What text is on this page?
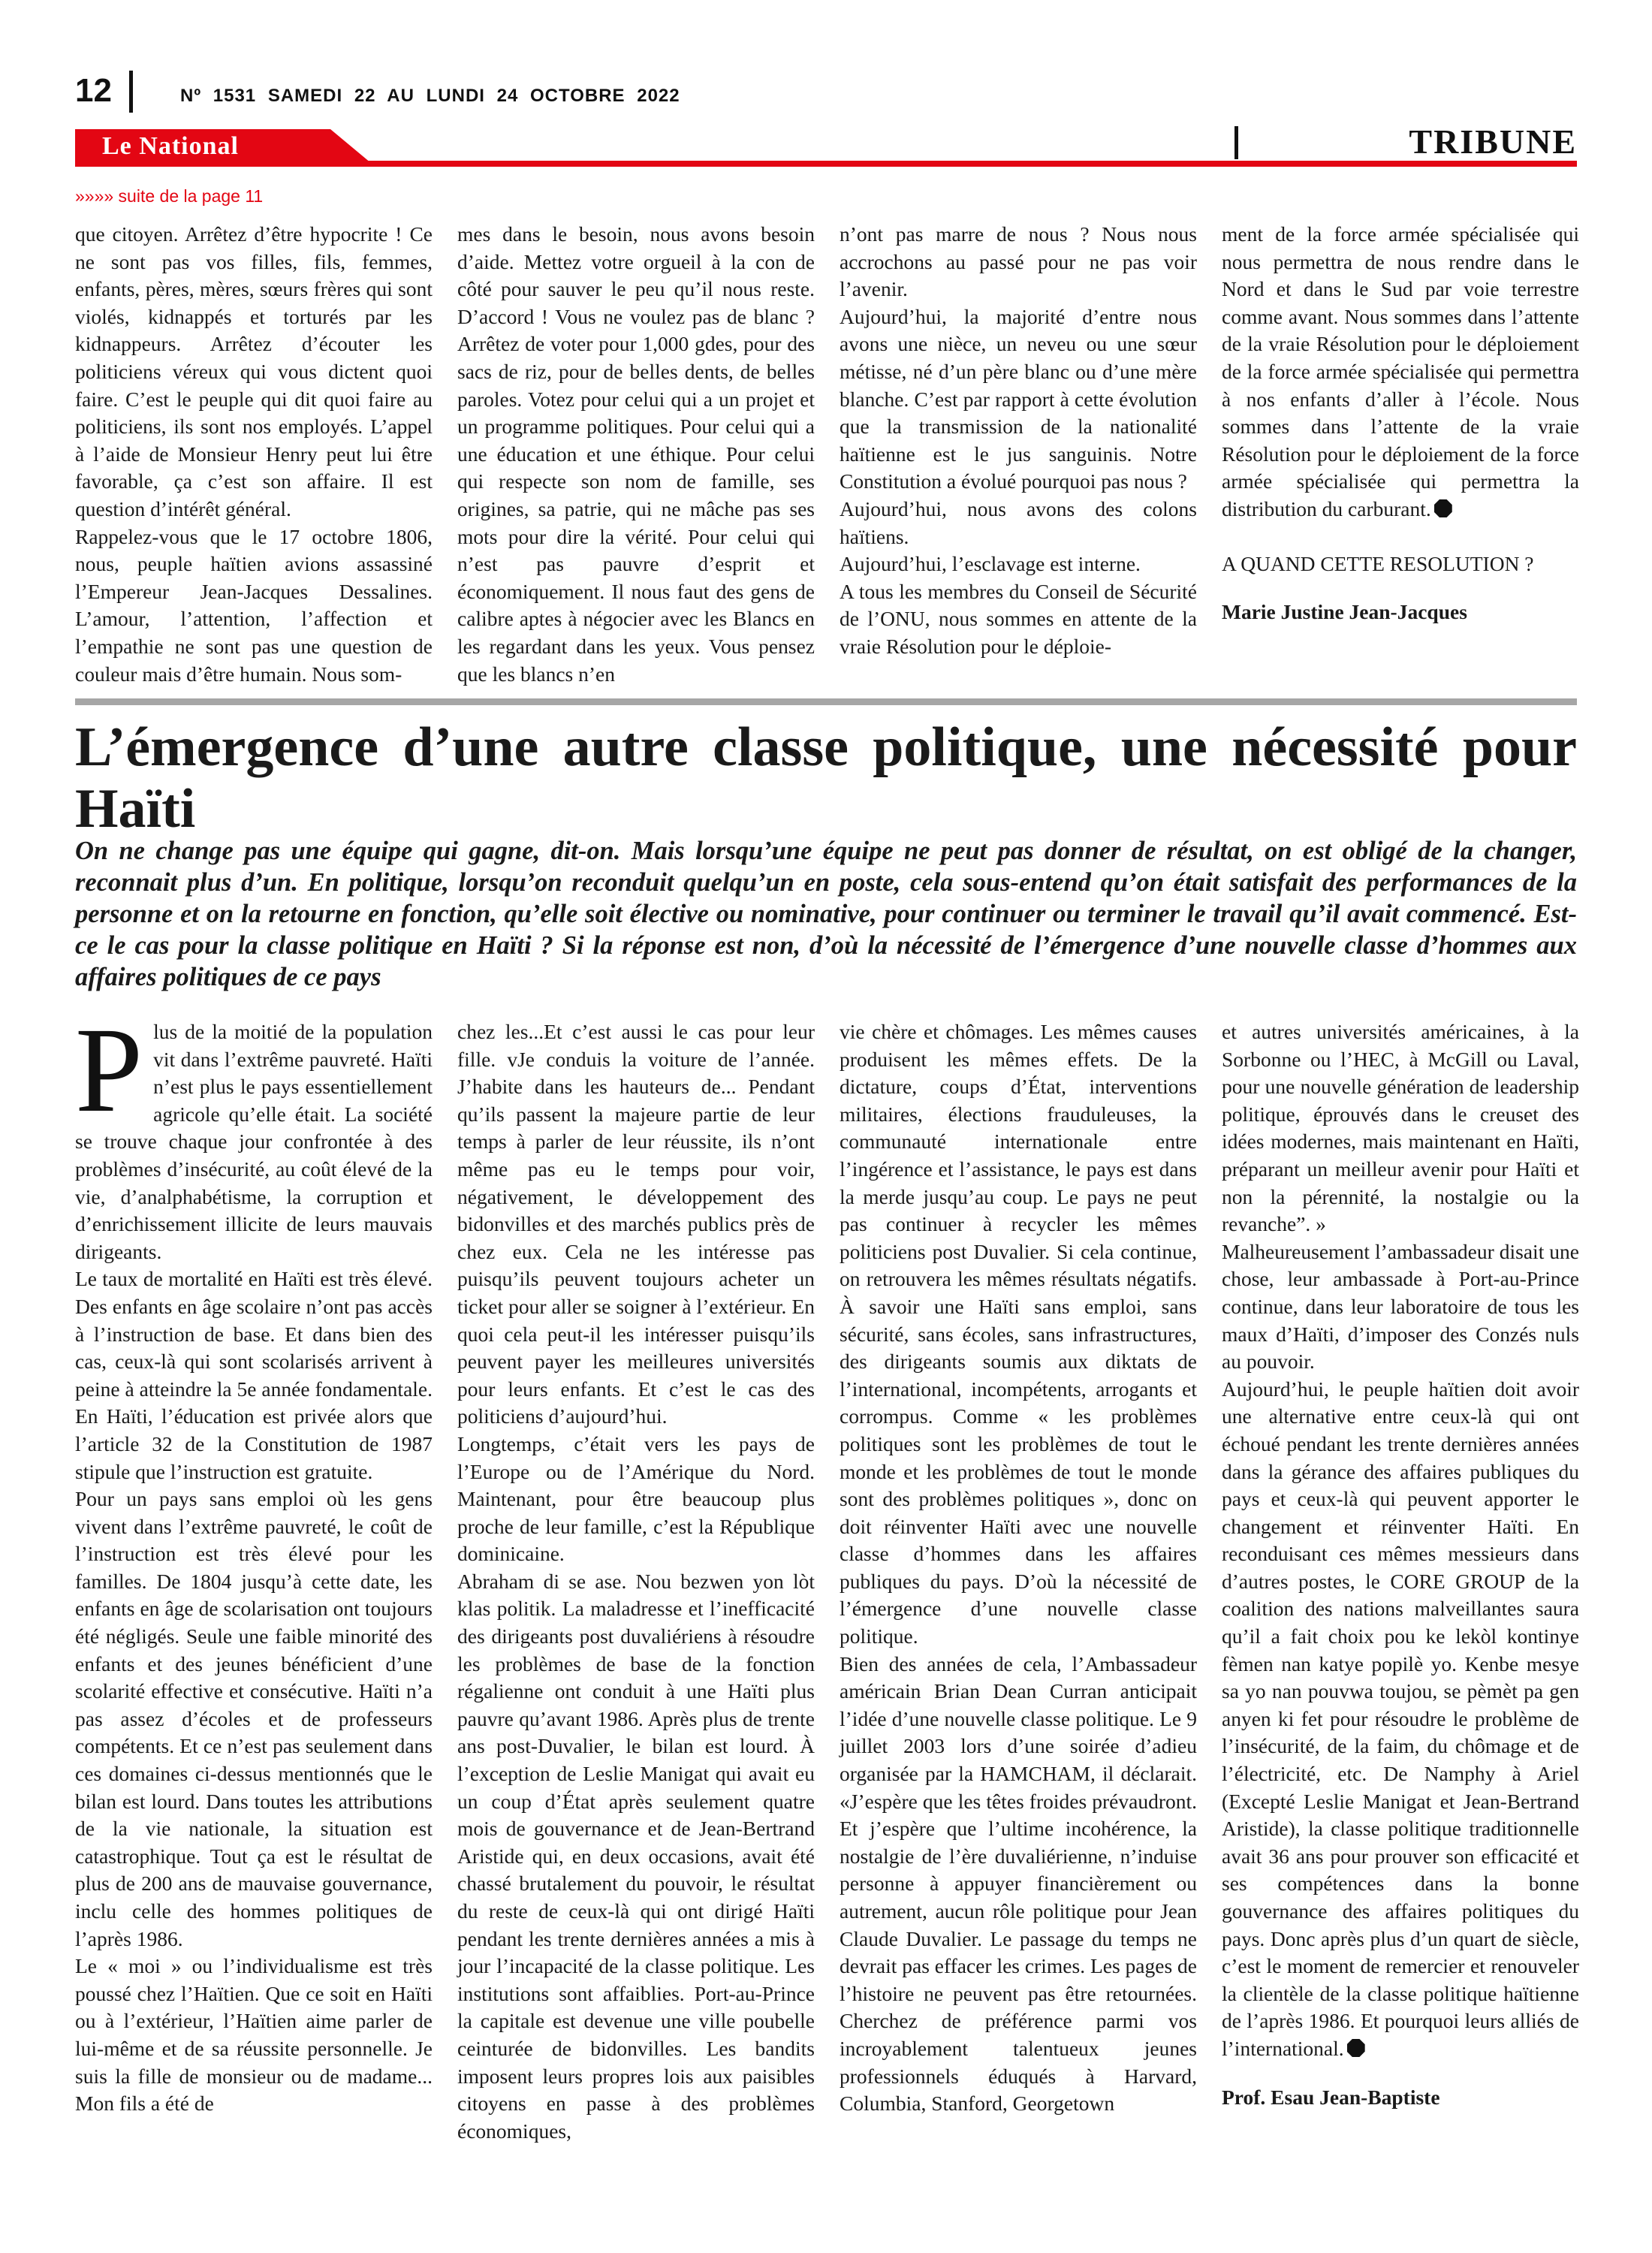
12	Nº 1531 SAMEDI 22 AU LUNDI 24 OCTOBRE 2022
Le National	TRIBUNE
»»»» suite de la page 11

que citoyen. Arrêtez d’être hypocrite ! Ce ne sont pas vos filles, fils, femmes, enfants, pères, mères, sœurs frères qui sont violés, kidnappés et torturés par les kidnappeurs. Arrêtez d’écouter les politiciens véreux qui vous dictent quoi faire. C’est le peuple qui dit quoi faire au politiciens, ils sont nos employés. L’appel à l’aide de Monsieur Henry peut lui être favorable, ça c’est son affaire. Il est question d’intérêt général.

Rappelez-vous que le 17 octobre 1806, nous, peuple haïtien avions assassiné l’Empereur Jean-Jacques Dessalines. L’amour, l’attention, l’affection et l’empathie ne sont pas une question de couleur mais d’être humain. Nous som-

mes dans le besoin, nous avons besoin d’aide. Mettez votre orgueil à la con de côté pour sauver le peu qu’il nous reste. D’accord ! Vous ne voulez pas de blanc ? Arrêtez de voter pour 1,000 gdes, pour des sacs de riz, pour de belles dents, de belles paroles. Votez pour celui qui a un projet et un programme politiques. Pour celui qui a une éducation et une éthique. Pour celui qui respecte son nom de famille, ses origines, sa patrie, qui ne mâche pas ses mots pour dire la vérité. Pour celui qui n’est pas pauvre d’esprit et économiquement. Il nous faut des gens de calibre aptes à négocier avec les Blancs en les regardant dans les yeux. Vous pensez que les blancs n’en

n’ont pas marre de nous ? Nous nous accrochons au passé pour ne pas voir l’avenir.

Aujourd’hui, la majorité d’entre nous avons une nièce, un neveu ou une sœur métisse, né d’un père blanc ou d’une mère blanche. C’est par rapport à cette évolution que la transmission de la nationalité haïtienne est le jus sanguinis. Notre Constitution a évolué pourquoi pas nous ?

Aujourd’hui, nous avons des colons haïtiens.

Aujourd’hui, l’esclavage est interne.

A tous les membres du Conseil de Sécurité de l’ONU, nous sommes en attente de la vraie Résolution pour le déploie-

ment de la force armée spécialisée qui nous permettra de nous rendre dans le Nord et dans le Sud par voie terrestre comme avant. Nous sommes dans l’attente de la vraie Résolution pour le déploiement de la force armée spécialisée qui permettra à nos enfants d’aller à l’école. Nous sommes dans l’attente de la vraie Résolution pour le déploiement de la force armée spécialisée qui permettra la distribution du carburant.

A QUAND CETTE RESOLUTION ?

Marie Justine Jean-Jacques

L’émergence d’une autre classe politique, une nécessité pour Haïti

On ne change pas une équipe qui gagne, dit-on. Mais lorsqu’une équipe ne peut pas donner de résultat, on est obligé de la changer, reconnait plus d’un. En politique, lorsqu’on reconduit quelqu’un en poste, cela sous-entend qu’on était satisfait des performances de la personne et on la retourne en fonction, qu’elle soit élective ou nominative, pour continuer ou terminer le travail qu’il avait commencé. Est-ce le cas pour la classe politique en Haïti ? Si la réponse est non, d’où la nécessité de l’émergence d’une nouvelle classe d’hommes aux affaires politiques de ce pays

Plus de la moitié de la population vit dans l’extrême pauvreté. Haïti n’est plus le pays essentiellement agricole qu’elle était. La société se trouve chaque jour confrontée à des problèmes d’insécurité, au coût élevé de la vie, d’analphabétisme, la corruption et d’enrichissement illicite de leurs mauvais dirigeants.

Le taux de mortalité en Haïti est très élevé. Des enfants en âge scolaire n’ont pas accès à l’instruction de base. Et dans bien des cas, ceux-là qui sont scolarisés arrivent à peine à atteindre la 5e année fondamentale. En Haïti, l’éducation est privée alors que l’article 32 de la Constitution de 1987 stipule que l’instruction est gratuite.

Pour un pays sans emploi où les gens vivent dans l’extrême pauvreté, le coût de l’instruction est très élevé pour les familles. De 1804 jusqu’à cette date, les enfants en âge de scolarisation ont toujours été négligés. Seule une faible minorité des enfants et des jeunes bénéficient d’une scolarité effective et consécutive. Haïti n’a pas assez d’écoles et de professeurs compétents. Et ce n’est pas seulement dans ces domaines ci-dessus mentionnés que le bilan est lourd. Dans toutes les attributions de la vie nationale, la situation est catastrophique. Tout ça est le résultat de plus de 200 ans de mauvaise gouvernance, inclu celle des hommes politiques de l’après 1986.

Le « moi » ou l’individualisme est très poussé chez l’Haïtien. Que ce soit en Haïti ou à l’extérieur, l’Haïtien aime parler de lui-même et de sa réussite personnelle. Je suis la fille de monsieur ou de madame... Mon fils a été de

chez les...Et c’est aussi le cas pour leur fille. vJe conduis la voiture de l’année. J’habite dans les hauteurs de... Pendant qu’ils passent la majeure partie de leur temps à parler de leur réussite, ils n’ont même pas eu le temps pour voir, négativement, le développement des bidonvilles et des marchés publics près de chez eux. Cela ne les intéresse pas puisqu’ils peuvent toujours acheter un ticket pour aller se soigner à l’extérieur. En quoi cela peut-il les intéresser puisqu’ils peuvent payer les meilleures universités pour leurs enfants. Et c’est le cas des politiciens d’aujourd’hui.

Longtemps, c’était vers les pays de l’Europe ou de l’Amérique du Nord. Maintenant, pour être beaucoup plus proche de leur famille, c’est la République dominicaine.

Abraham di se ase. Nou bezwen yon lòt klas politik. La maladresse et l’inefficacité des dirigeants post duvaliériens à résoudre les problèmes de base de la fonction régalienne ont conduit à une Haïti plus pauvre qu’avant 1986. Après plus de trente ans post-Duvalier, le bilan est lourd. À l’exception de Leslie Manigat qui avait eu un coup d’État après seulement quatre mois de gouvernance et de Jean-Bertrand Aristide qui, en deux occasions, avait été chassé brutalement du pouvoir, le résultat du reste de ceux-là qui ont dirigé Haïti pendant les trente dernières années a mis à jour l’incapacité de la classe politique. Les institutions sont affaiblies. Port-au-Prince la capitale est devenue une ville poubelle ceinturée de bidonvilles. Les bandits imposent leurs propres lois aux paisibles citoyens en passe à des problèmes économiques,

vie chère et chômages. Les mêmes causes produisent les mêmes effets. De la dictature, coups d’État, interventions militaires, élections frauduleuses, la communauté internationale entre l’ingérence et l’assistance, le pays est dans la merde jusqu’au coup. Le pays ne peut pas continuer à recycler les mêmes politiciens post Duvalier. Si cela continue, on retrouvera les mêmes résultats négatifs. À savoir une Haïti sans emploi, sans sécurité, sans écoles, sans infrastructures, des dirigeants soumis aux diktats de l’international, incompétents, arrogants et corrompus. Comme « les problèmes politiques sont les problèmes de tout le monde et les problèmes de tout le monde sont des problèmes politiques », donc on doit réinventer Haïti avec une nouvelle classe d’hommes dans les affaires publiques du pays. D’où la nécessité de l’émergence d’une nouvelle classe politique.

Bien des années de cela, l’Ambassadeur américain Brian Dean Curran anticipait l’idée d’une nouvelle classe politique. Le 9 juillet 2003 lors d’une soirée d’adieu organisée par la HAMCHAM, il déclarait. «J’espère que les têtes froides prévaudront. Et j’espère que l’ultime incohérence, la nostalgie de l’ère duvaliérienne, n’induise personne à appuyer financièrement ou autrement, aucun rôle politique pour Jean Claude Duvalier. Le passage du temps ne devrait pas effacer les crimes. Les pages de l’histoire ne peuvent pas être retournées. Cherchez de préférence parmi vos incroyablement talentueux jeunes professionnels éduqués à Harvard, Columbia, Stanford, Georgetown

et autres universités américaines, à la Sorbonne ou l’HEC, à McGill ou Laval, pour une nouvelle génération de leadership politique, éprouvés dans le creuset des idées modernes, mais maintenant en Haïti, préparant un meilleur avenir pour Haïti et non la pérennité, la nostalgie ou la revanche”. »

Malheureusement l’ambassadeur disait une chose, leur ambassade à Port-au-Prince continue, dans leur laboratoire de tous les maux d’Haïti, d’imposer des Conzés nuls au pouvoir.

Aujourd’hui, le peuple haïtien doit avoir une alternative entre ceux-là qui ont échoué pendant les trente dernières années dans la gérance des affaires publiques du pays et ceux-là qui peuvent apporter le changement et réinventer Haïti. En reconduisant ces mêmes messieurs dans d’autres postes, le CORE GROUP de la coalition des nations malveillantes saura qu’il a fait choix pou ke lekòl kontinye fèmen nan katye popilè yo. Kenbe mesye sa yo nan pouvwa toujou, se pèmèt pa gen anyen ki fet pour résoudre le problème de l’insécurité, de la faim, du chômage et de l’électricité, etc. De Namphy à Ariel (Excepté Leslie Manigat et Jean-Bertrand Aristide), la classe politique traditionnelle avait 36 ans pour prouver son efficacité et ses compétences dans la bonne gouvernance des affaires politiques du pays. Donc après plus d’un quart de siècle, c’est le moment de remercier et renouveler la clientèle de la classe politique haïtienne de l’après 1986. Et pourquoi leurs alliés de l’international.

Prof. Esau Jean-Baptiste
